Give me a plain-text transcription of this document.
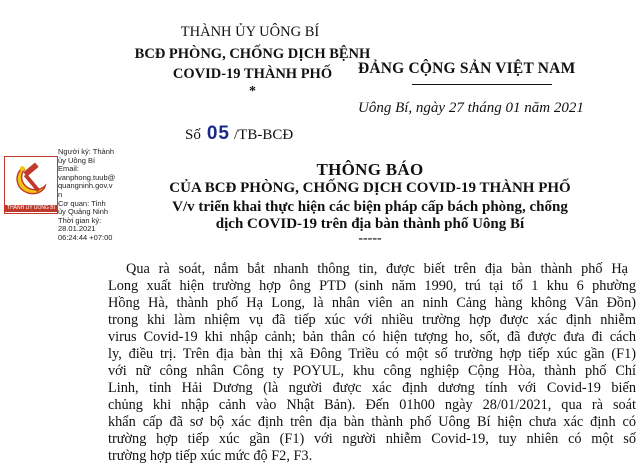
THÀNH ỦY UÔNG BÍ
BCĐ PHÒNG, CHỐNG DỊCH BỆNH
COVID-19 THÀNH PHỐ
*
Số 05 /TB-BCĐ
ĐẢNG CỘNG SẢN VIỆT NAM
Uông Bí, ngày 27 tháng 01 năm 2021
THÀNH ỦY UÔNG BÍ
Người ký: Thành
ủy Uông Bí
Email:
vanphong.tuub@
quangninh.gov.v
n
Cơ quan: Tỉnh
ủy Quảng Ninh
Thời gian ký:
28.01.2021
06:24:44 +07:00
THÔNG BÁO
CỦA BCĐ PHÒNG, CHỐNG DỊCH COVID-19 THÀNH PHỐ
V/v triển khai thực hiện các biện pháp cấp bách phòng, chống
dịch COVID-19 trên địa bàn thành phố Uông Bí
-----
Qua rà soát, nắm bắt nhanh thông tin, được biết trên địa bàn thành phố Hạ
Long xuất hiện trường hợp ông PTD (sinh năm 1990, trú tại tổ 1 khu 6 phường
Hồng Hà, thành phố Hạ Long, là nhân viên an ninh Cảng hàng không Vân Đồn)
trong khi làm nhiệm vụ đã tiếp xúc với nhiều trường hợp được xác định nhiễm
virus Covid-19 khi nhập cảnh; bản thân có hiện tượng ho, sốt, đã được đưa đi cách
ly, điều trị. Trên địa bàn thị xã Đông Triều có một số trường hợp tiếp xúc gần (F1)
với nữ công nhân Công ty POYUL, khu công nghiệp Cộng Hòa, thành phố Chí
Linh, tỉnh Hải Dương (là người được xác định dương tính với Covid-19 biến
chủng khi nhập cảnh vào Nhật Bản). Đến 01h00 ngày 28/01/2021, qua rà soát
khẩn cấp đã sơ bộ xác định trên địa bàn thành phố Uông Bí hiện chưa xác định có
trường hợp tiếp xúc gần (F1) với người nhiễm Covid-19, tuy nhiên có một số
trường hợp tiếp xúc mức độ F2, F3.
